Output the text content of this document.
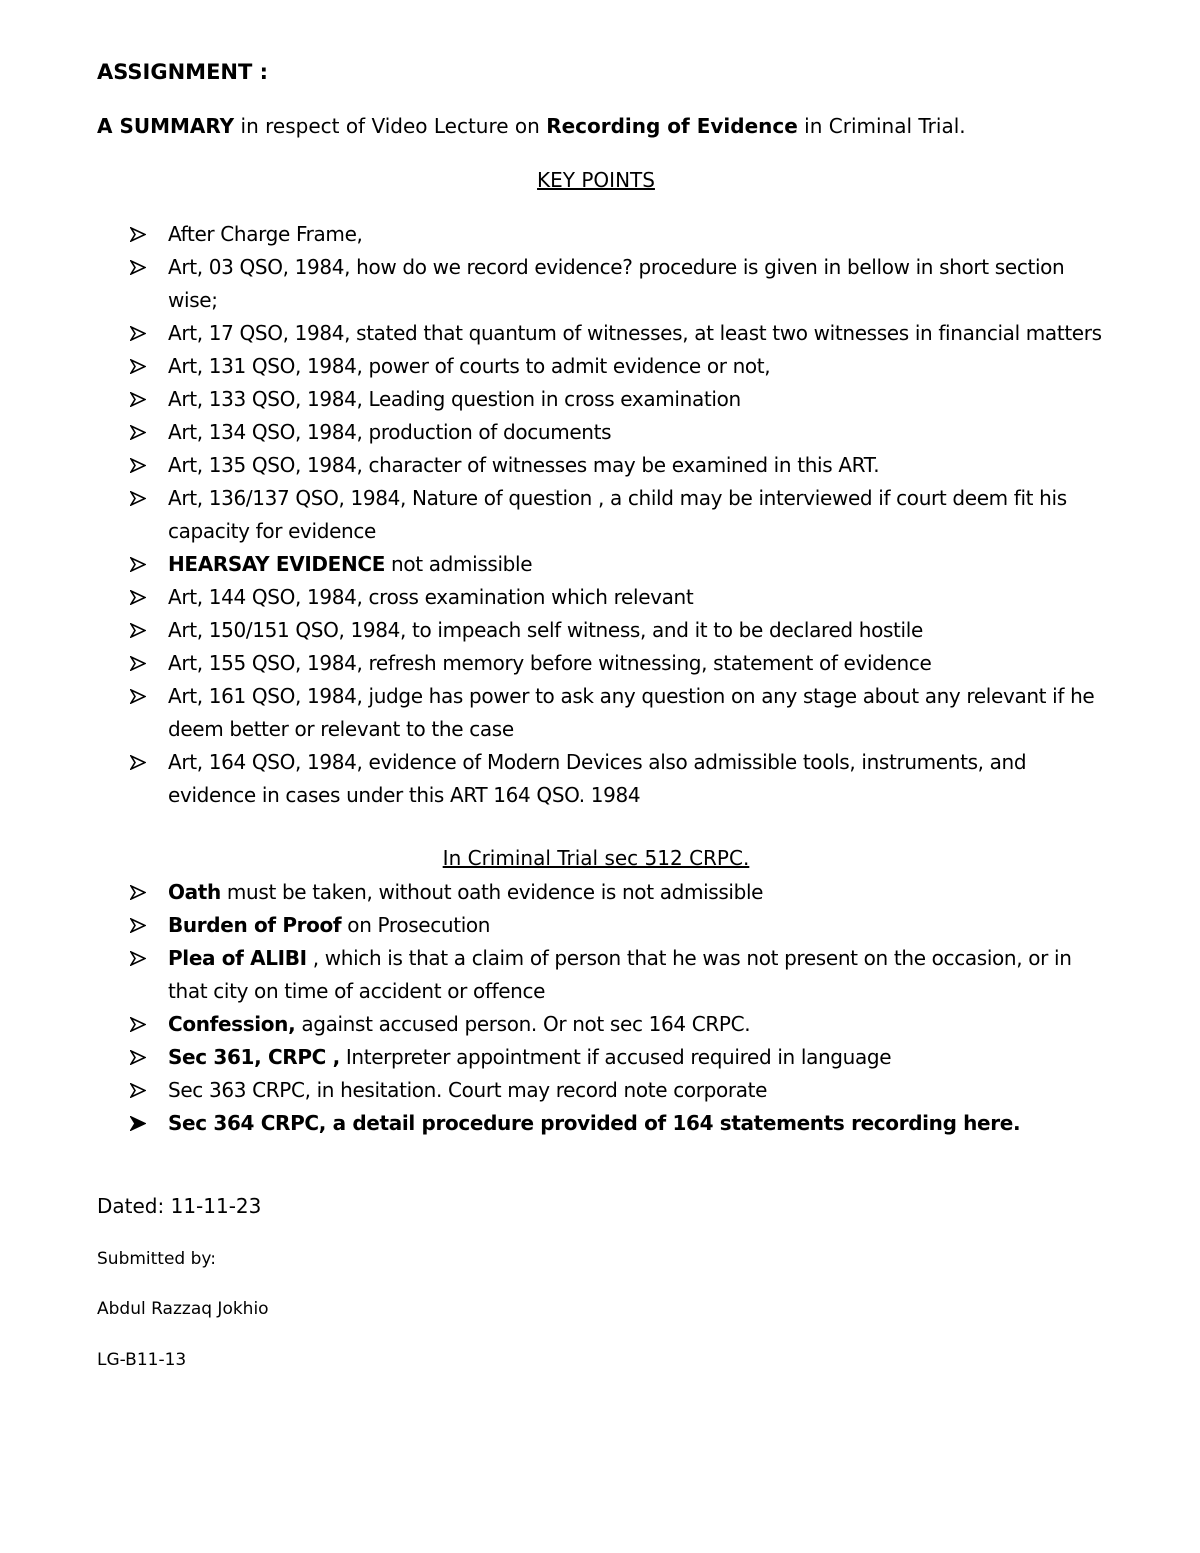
ASSIGNMENT :
A SUMMARY in respect of Video Lecture on Recording of Evidence in Criminal Trial.
KEY POINTS
After Charge Frame,
Art, 03 QSO, 1984, how do we record evidence? procedure is given in bellow in short section wise;
Art, 17 QSO, 1984, stated that quantum of witnesses, at least two witnesses in financial matters
Art, 131 QSO, 1984, power of courts to admit evidence or not,
Art, 133 QSO, 1984, Leading question in cross examination
Art, 134 QSO, 1984, production of documents
Art, 135 QSO, 1984, character of witnesses may be examined in this ART.
Art, 136/137 QSO, 1984, Nature of question , a child may be interviewed if court deem fit his capacity for evidence
HEARSAY EVIDENCE not admissible
Art, 144 QSO, 1984, cross examination which relevant
Art, 150/151 QSO, 1984, to impeach self witness, and it to be declared hostile
Art, 155 QSO, 1984, refresh memory before witnessing, statement of evidence
Art, 161 QSO, 1984, judge has power to ask any question on any stage about any relevant if he deem better or relevant to the case
Art, 164 QSO, 1984, evidence of Modern Devices also admissible tools, instruments, and evidence in cases under this ART 164 QSO. 1984
In Criminal Trial sec 512 CRPC.
Oath must be taken, without oath evidence is not admissible
Burden of Proof on Prosecution
Plea of ALIBI , which is that a claim of person that he was not present on the occasion, or in that city on time of accident or offence
Confession, against accused person. Or not sec 164 CRPC.
Sec 361, CRPC , Interpreter appointment if accused required in language
Sec 363 CRPC, in hesitation. Court may record note corporate
Sec 364 CRPC, a detail procedure provided of 164 statements recording here.
Dated: 11-11-23
Submitted by:
Abdul Razzaq Jokhio
LG-B11-13
